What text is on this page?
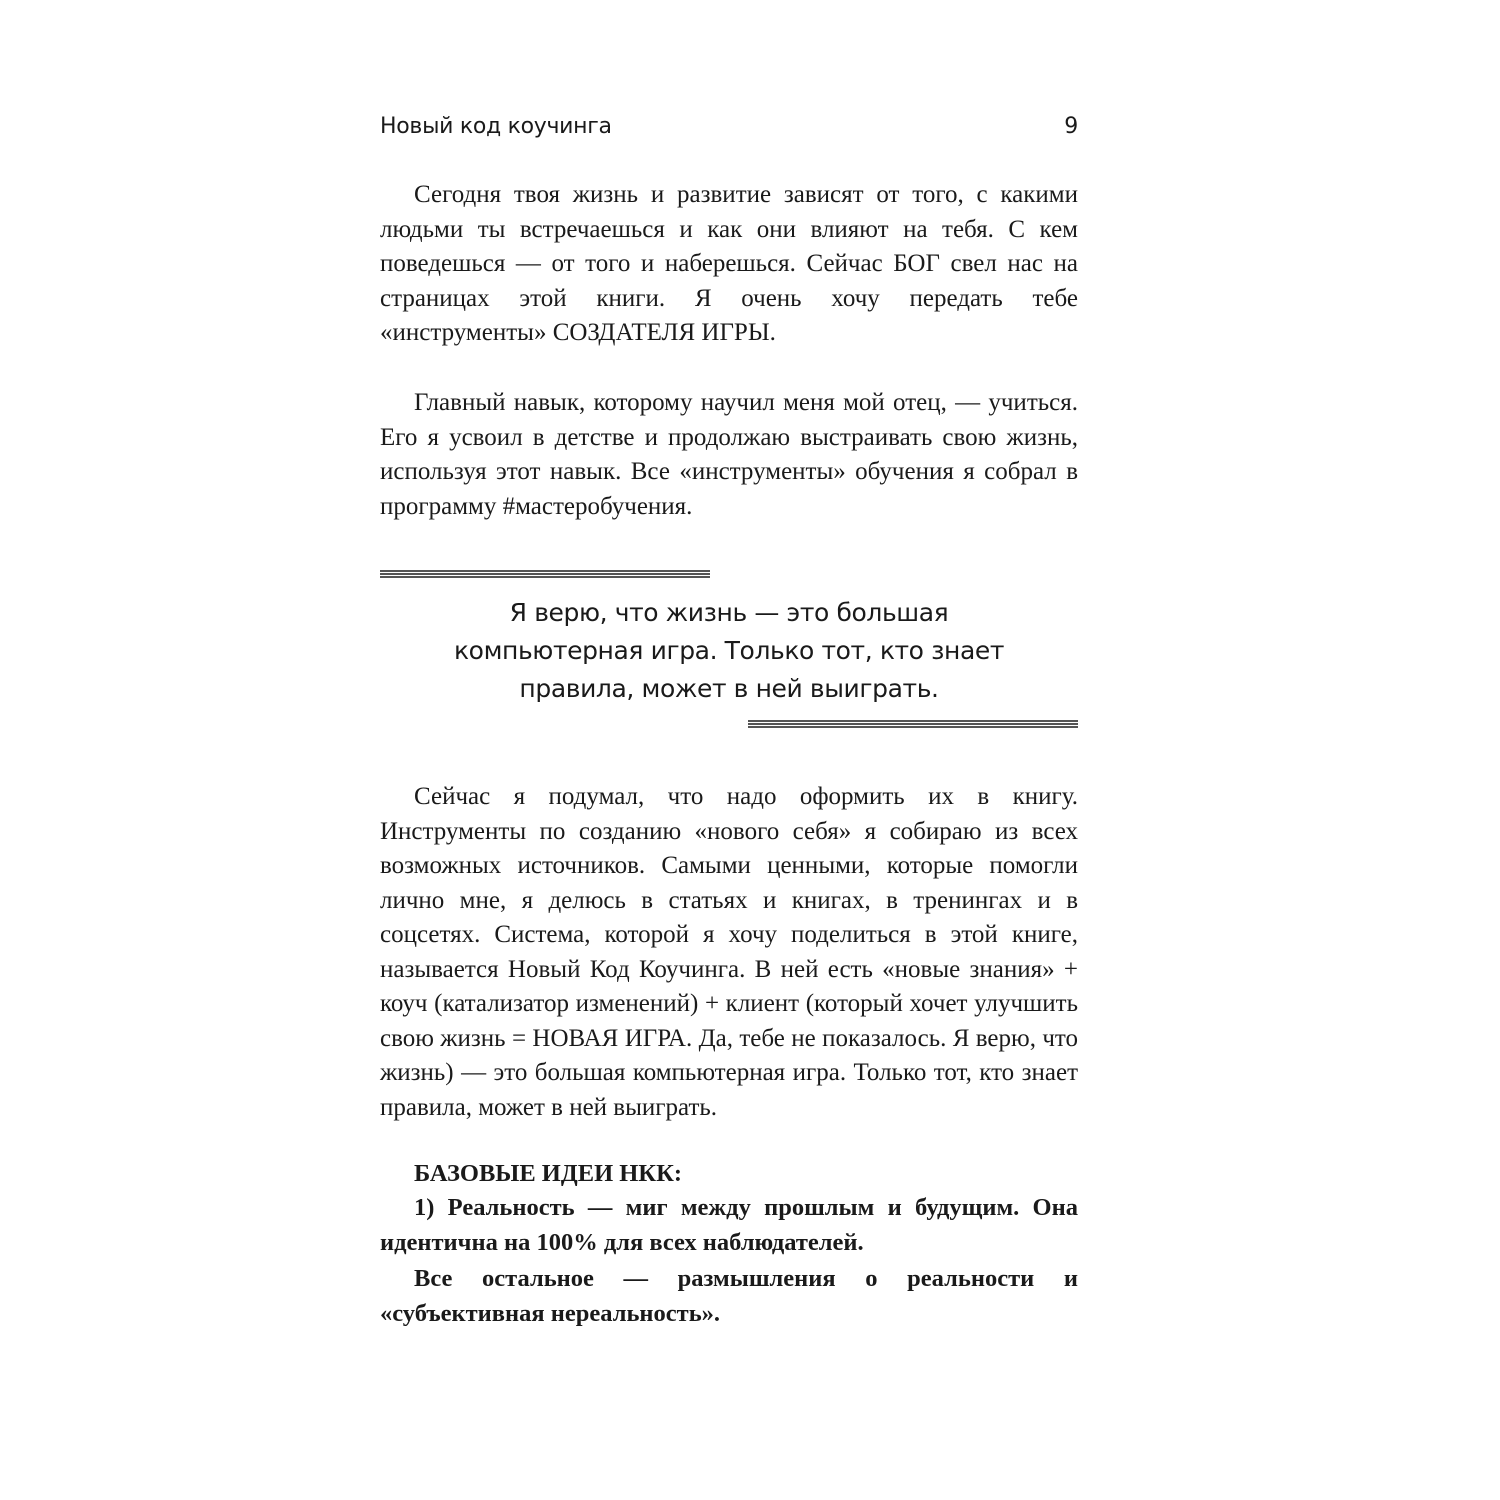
Новый код коучинга	9

Сегодня твоя жизнь и развитие зависят от того, с какими людьми ты встречаешься и как они влияют на тебя. С кем поведешься — от того и наберешься. Сейчас БОГ свел нас на страницах этой книги. Я очень хочу передать тебе «инструменты» СОЗДАТЕЛЯ ИГРЫ.

Главный навык, которому научил меня мой отец, — учиться. Его я усвоил в детстве и продолжаю выстраивать свою жизнь, используя этот навык. Все «инструменты» обучения я собрал в программу #мастеробучения.

Я верю, что жизнь — это большая
компьютерная игра. Только тот, кто знает
правила, может в ней выиграть.

Сейчас я подумал, что надо оформить их в книгу. Инструменты по созданию «нового себя» я собираю из всех возможных источников. Самыми ценными, которые помогли лично мне, я делюсь в статьях и книгах, в тренингах и в соцсетях. Система, которой я хочу поделиться в этой книге, называется Новый Код Коучинга. В ней есть «новые знания» + коуч (катализатор изменений) + клиент (который хочет улучшить свою жизнь = НОВАЯ ИГРА. Да, тебе не показалось. Я верю, что жизнь) — это большая компьютерная игра. Только тот, кто знает правила, может в ней выиграть.

БАЗОВЫЕ ИДЕИ НКК:

1) Реальность — миг между прошлым и будущим. Она идентична на 100% для всех наблюдателей.

Все остальное — размышления о реальности и «субъективная нереальность».
